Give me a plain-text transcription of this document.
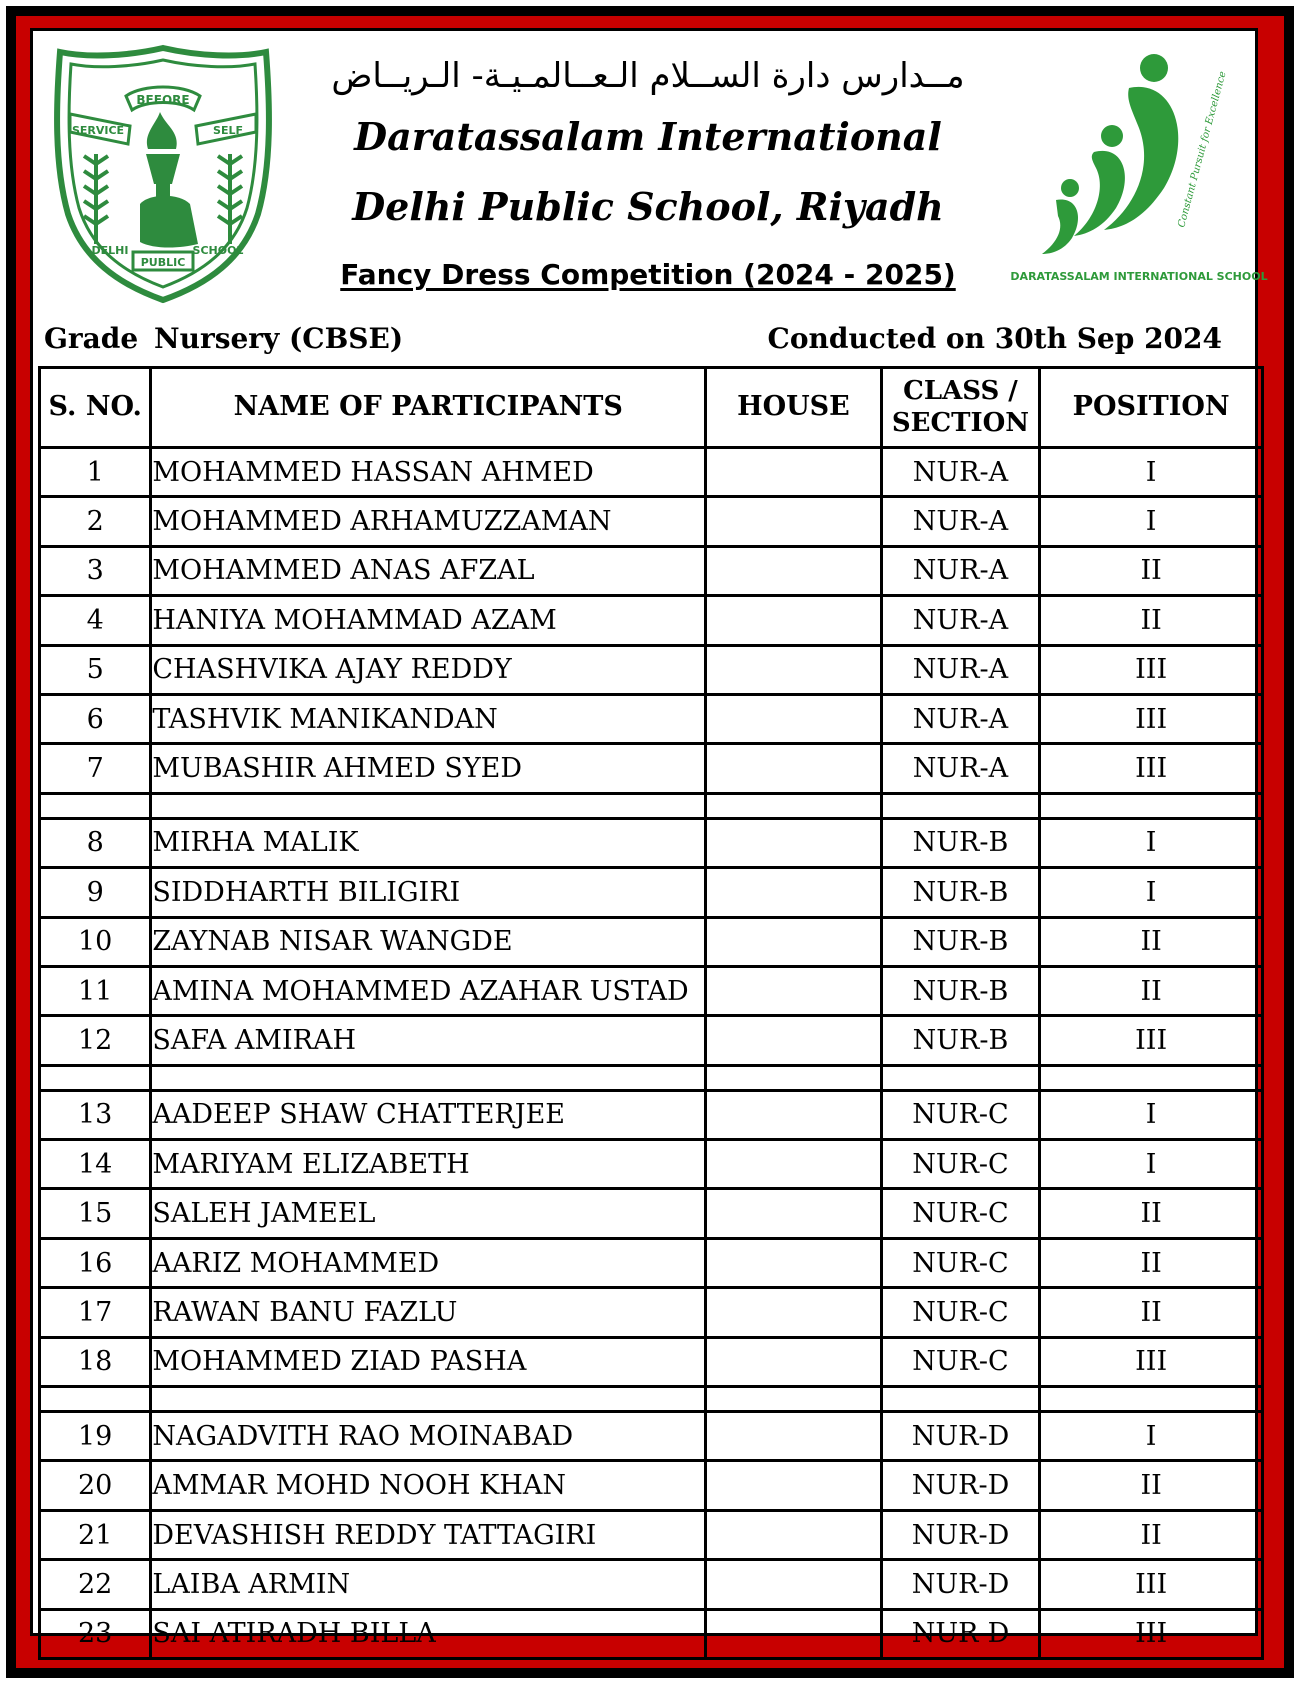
BEFORE
SERVICE	SELF
DELHI
PUBLIC
SCHOOL
مــدارس دارة الســلام الـعــالمـيـة- الـريــاض
Daratassalam International
Delhi Public School, Riyadh
Fancy Dress Competition (2024 - 2025)
Constant Pursuit for Excellence
DARATASSALAM INTERNATIONAL SCHOOL
Grade Nursery (CBSE)	Conducted on 30th Sep 2024
S. NO.	NAME OF PARTICIPANTS	HOUSE	CLASS /
SECTION	POSITION
1	MOHAMMED HASSAN AHMED		NUR-A	I
2	MOHAMMED ARHAMUZZAMAN		NUR-A	I
3	MOHAMMED ANAS AFZAL		NUR-A	II
4	HANIYA MOHAMMAD AZAM		NUR-A	II
5	CHASHVIKA AJAY REDDY		NUR-A	III
6	TASHVIK MANIKANDAN		NUR-A	III
7	MUBASHIR AHMED SYED		NUR-A	III

8	MIRHA MALIK		NUR-B	I
9	SIDDHARTH BILIGIRI		NUR-B	I
10	ZAYNAB NISAR WANGDE		NUR-B	II
11	AMINA MOHAMMED AZAHAR USTAD		NUR-B	II
12	SAFA AMIRAH		NUR-B	III

13	AADEEP SHAW CHATTERJEE		NUR-C	I
14	MARIYAM ELIZABETH		NUR-C	I
15	SALEH JAMEEL		NUR-C	II
16	AARIZ MOHAMMED		NUR-C	II
17	RAWAN BANU FAZLU		NUR-C	II
18	MOHAMMED ZIAD PASHA		NUR-C	III

19	NAGADVITH RAO MOINABAD		NUR-D	I
20	AMMAR MOHD NOOH KHAN		NUR-D	II
21	DEVASHISH REDDY TATTAGIRI		NUR-D	II
22	LAIBA ARMIN		NUR-D	III
23	SAI ATIRADH BILLA		NUR-D	III
